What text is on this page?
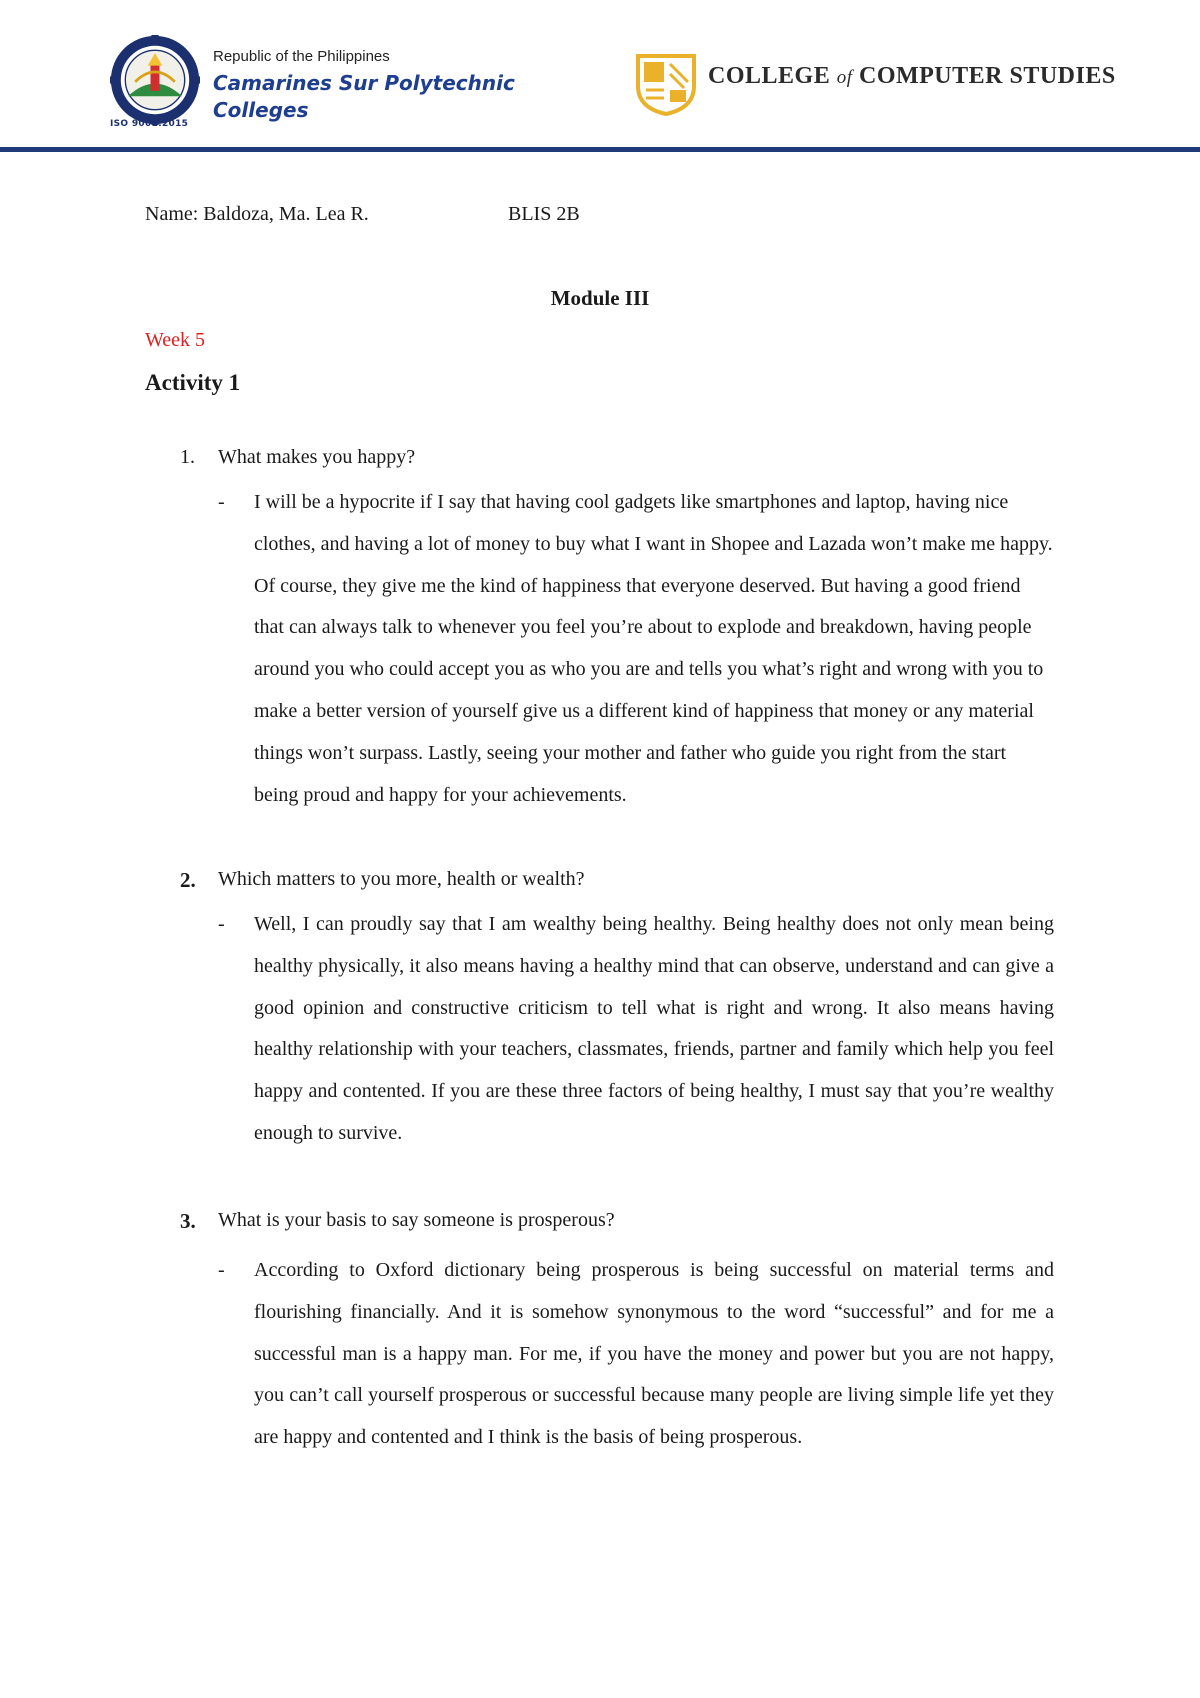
ISO 9001:2015
Republic of the Philippines
Camarines Sur Polytechnic Colleges
COLLEGE of COMPUTER STUDIES
Name: Baldoza, Ma. Lea R.	BLIS 2B
Module III
Week 5
Activity 1
1.	What makes you happy?
- I will be a hypocrite if I say that having cool gadgets like smartphones and laptop, having nice clothes, and having a lot of money to buy what I want in Shopee and Lazada won’t make me happy. Of course, they give me the kind of happiness that everyone deserved. But having a good friend that can always talk to whenever you feel you’re about to explode and breakdown, having people around you who could accept you as who you are and tells you what’s right and wrong with you to make a better version of yourself give us a different kind of happiness that money or any material things won’t surpass. Lastly, seeing your mother and father who guide you right from the start being proud and happy for your achievements.
2.	Which matters to you more, health or wealth?
- Well, I can proudly say that I am wealthy being healthy. Being healthy does not only mean being healthy physically, it also means having a healthy mind that can observe, understand and can give a good opinion and constructive criticism to tell what is right and wrong. It also means having healthy relationship with your teachers, classmates, friends, partner and family which help you feel happy and contented. If you are these three factors of being healthy, I must say that you’re wealthy enough to survive.
3.	What is your basis to say someone is prosperous?
- According to Oxford dictionary being prosperous is being successful on material terms and flourishing financially. And it is somehow synonymous to the word “successful” and for me a successful man is a happy man. For me, if you have the money and power but you are not happy, you can’t call yourself prosperous or successful because many people are living simple life yet they are happy and contented and I think is the basis of being prosperous.
